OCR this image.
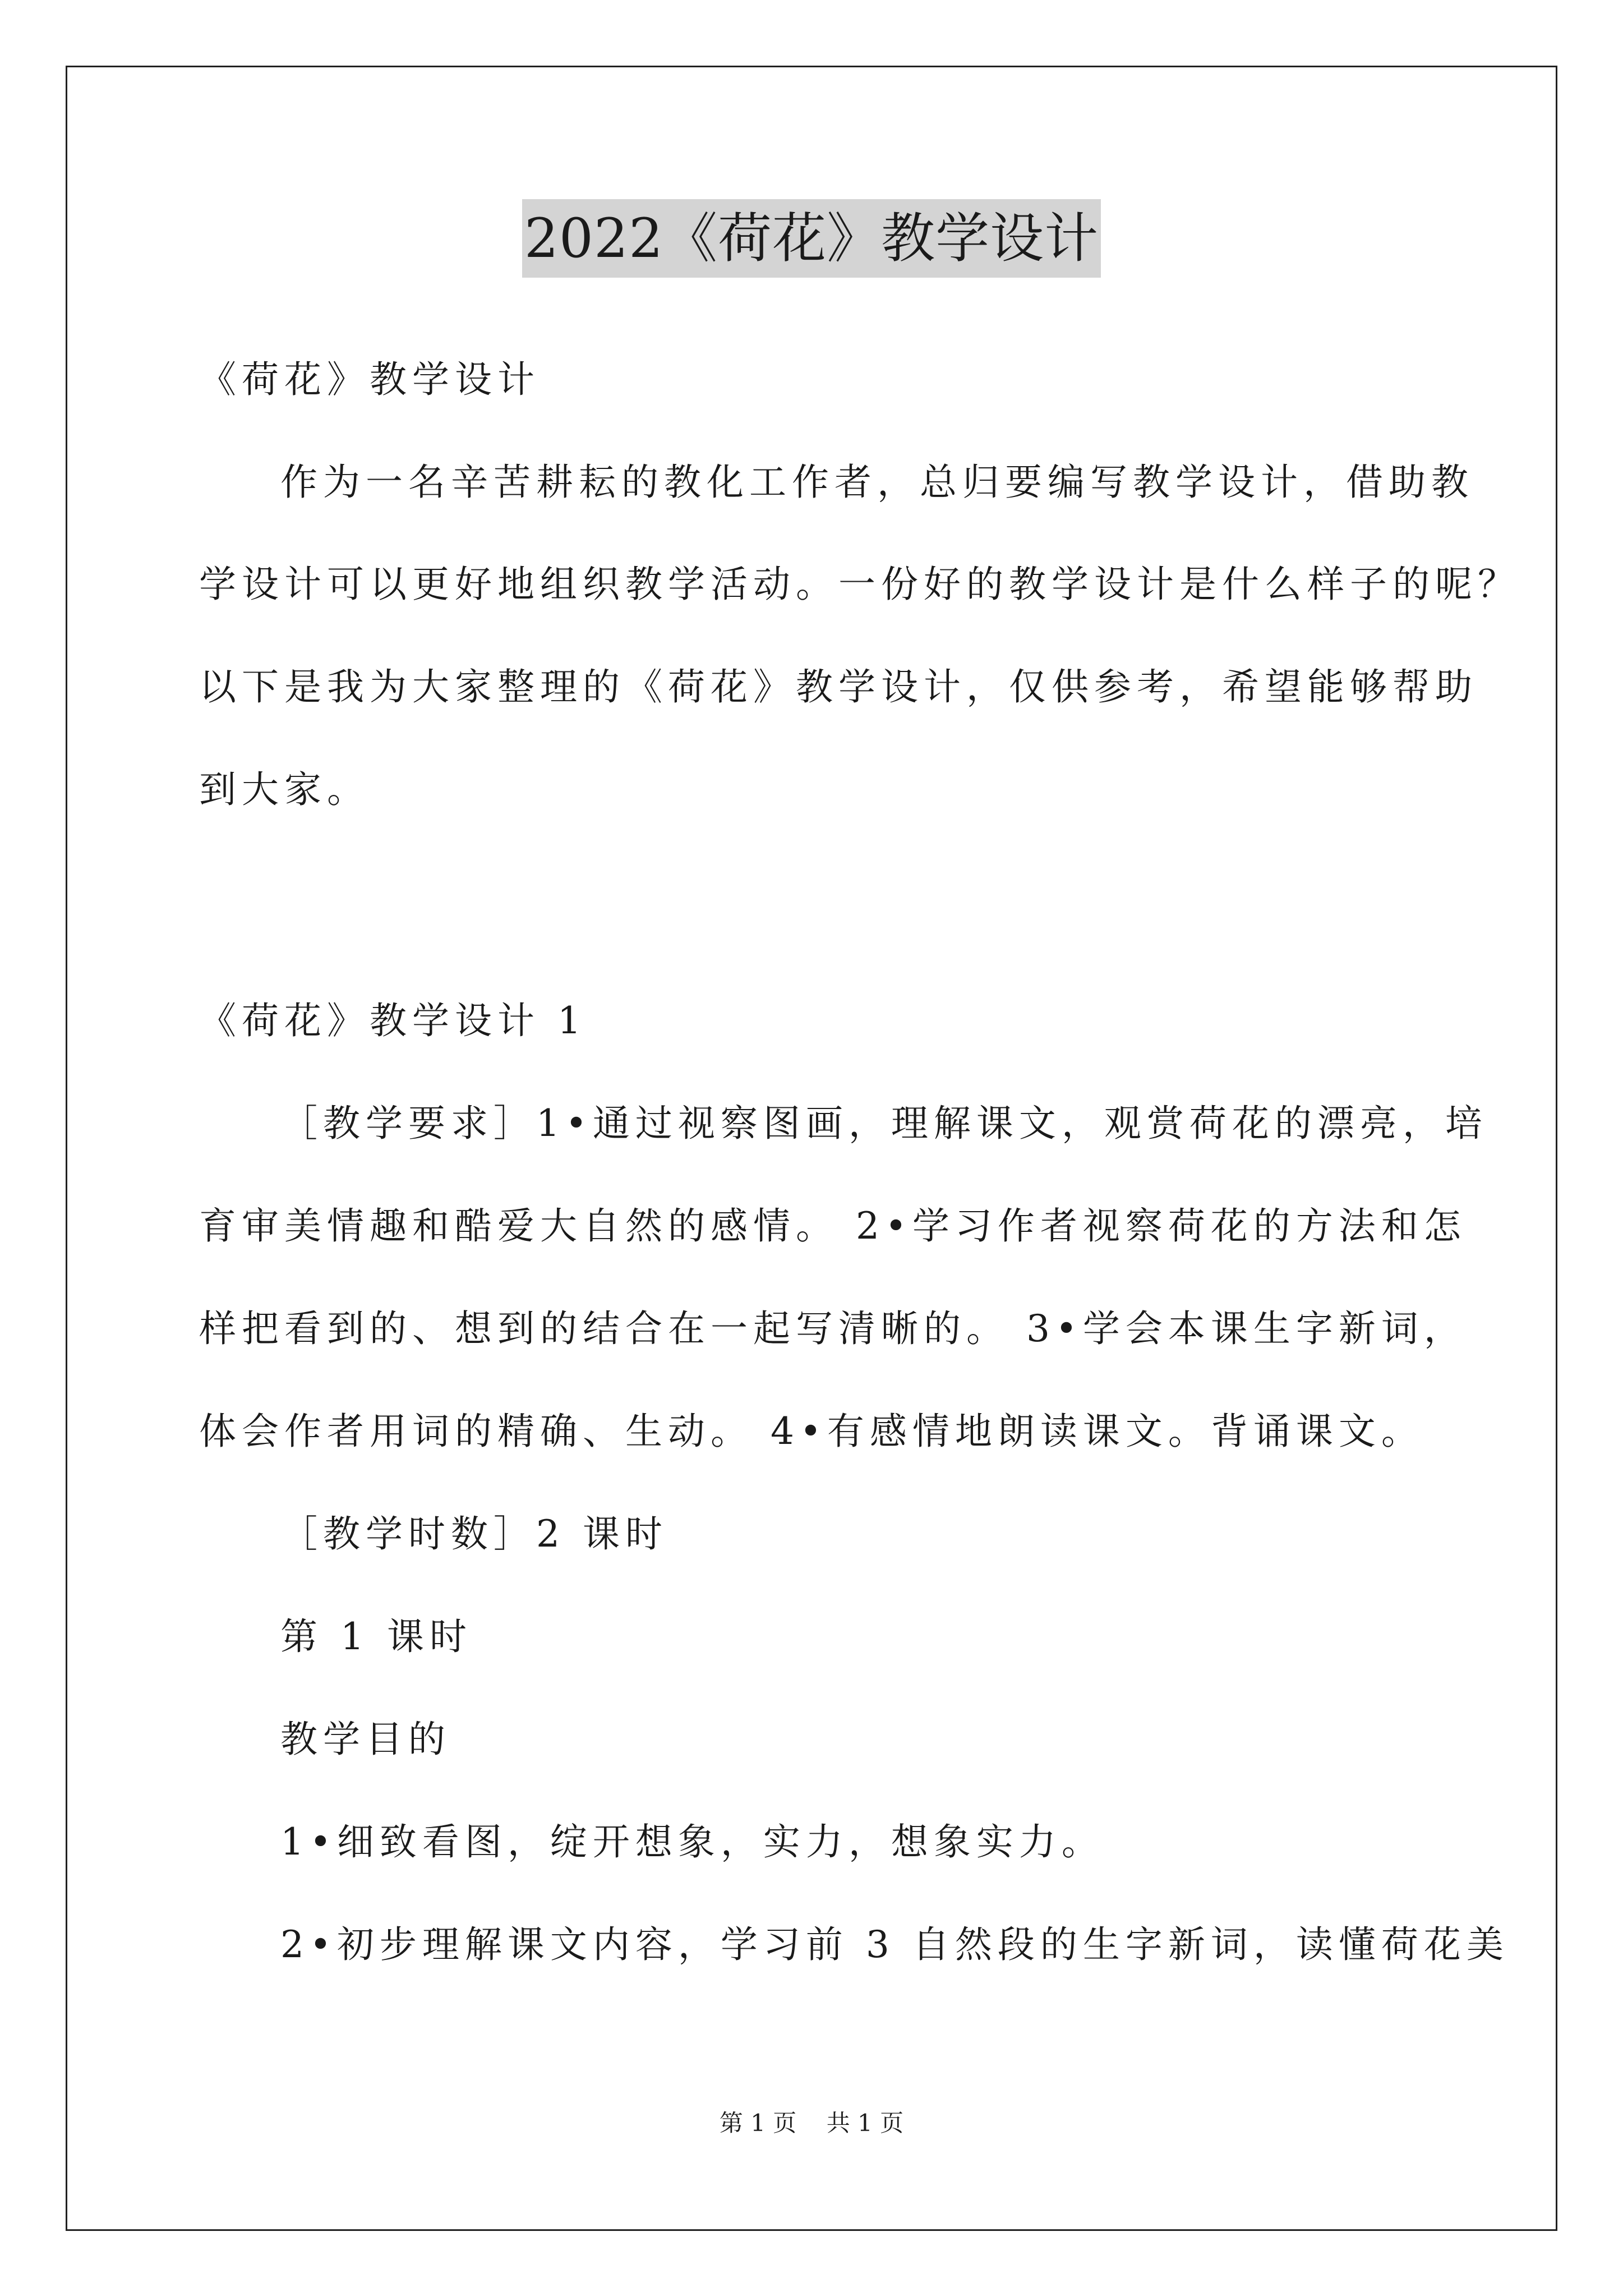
2022《荷花》教学设计
《荷花》教学设计
作为一名辛苦耕耘的教化工作者，总归要编写教学设计，借助教
学设计可以更好地组织教学活动。一份好的教学设计是什么样子的呢？
以下是我为大家整理的《荷花》教学设计，仅供参考，希望能够帮助
到大家。
《荷花》教学设计 1
［教学要求］1•通过视察图画，理解课文，观赏荷花的漂亮，培
育审美情趣和酷爱大自然的感情。 2•学习作者视察荷花的方法和怎
样把看到的、想到的结合在一起写清晰的。 3•学会本课生字新词，
体会作者用词的精确、生动。 4•有感情地朗读课文。背诵课文。
［教学时数］2 课时
第 1 课时
教学目的
1•细致看图，绽开想象，实力，想象实力。
2•初步理解课文内容，学习前 3 自然段的生字新词，读懂荷花美
第 1 页    共 1 页
